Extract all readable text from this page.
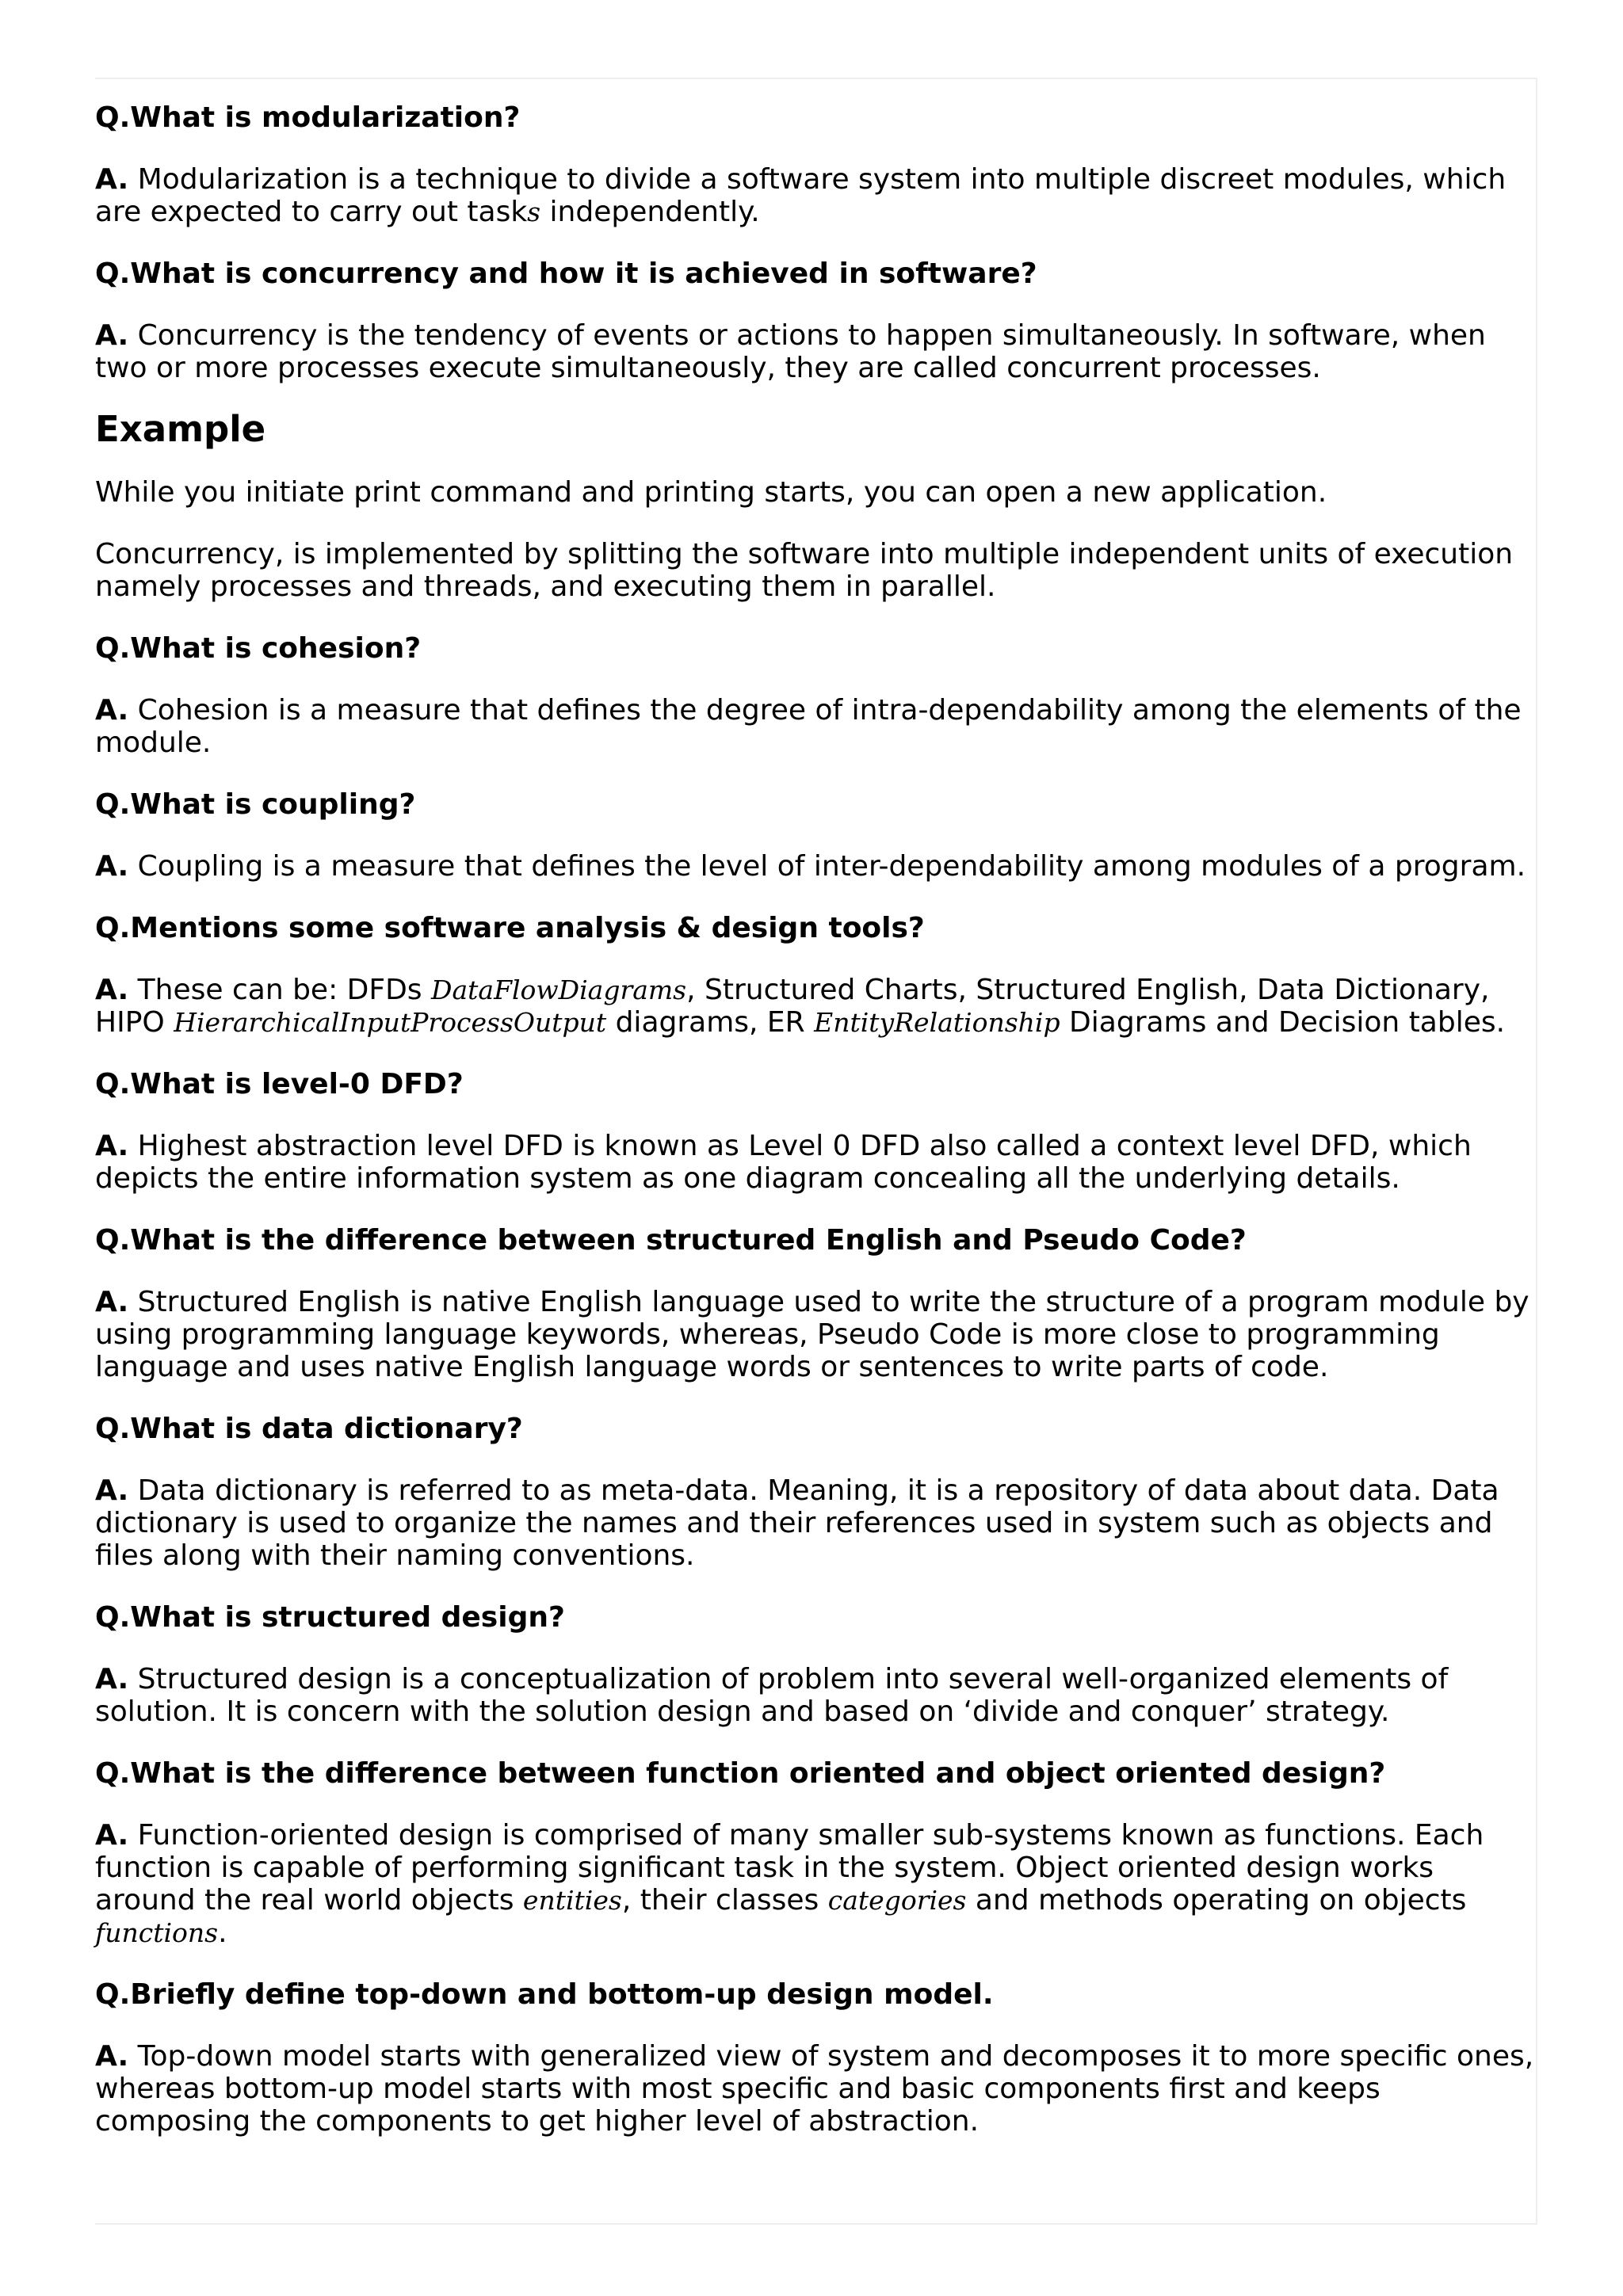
Q.What is modularization?
A. Modularization is a technique to divide a software system into multiple discreet modules, which are expected to carry out tasks independently.
Q.What is concurrency and how it is achieved in software?
A. Concurrency is the tendency of events or actions to happen simultaneously. In software, when two or more processes execute simultaneously, they are called concurrent processes.
Example
While you initiate print command and printing starts, you can open a new application.
Concurrency, is implemented by splitting the software into multiple independent units of execution namely processes and threads, and executing them in parallel.
Q.What is cohesion?
A. Cohesion is a measure that defines the degree of intra-dependability among the elements of the module.
Q.What is coupling?
A. Coupling is a measure that defines the level of inter-dependability among modules of a program.
Q.Mentions some software analysis & design tools?
A. These can be: DFDs DataFlowDiagrams, Structured Charts, Structured English, Data Dictionary, HIPO HierarchicalInputProcessOutput diagrams, ER EntityRelationship Diagrams and Decision tables.
Q.What is level-0 DFD?
A. Highest abstraction level DFD is known as Level 0 DFD also called a context level DFD, which depicts the entire information system as one diagram concealing all the underlying details.
Q.What is the difference between structured English and Pseudo Code?
A. Structured English is native English language used to write the structure of a program module by using programming language keywords, whereas, Pseudo Code is more close to programming language and uses native English language words or sentences to write parts of code.
Q.What is data dictionary?
A. Data dictionary is referred to as meta-data. Meaning, it is a repository of data about data. Data dictionary is used to organize the names and their references used in system such as objects and files along with their naming conventions.
Q.What is structured design?
A. Structured design is a conceptualization of problem into several well-organized elements of solution. It is concern with the solution design and based on ‘divide and conquer’ strategy.
Q.What is the difference between function oriented and object oriented design?
A. Function-oriented design is comprised of many smaller sub-systems known as functions. Each function is capable of performing significant task in the system. Object oriented design works around the real world objects entities, their classes categories and methods operating on objects functions.
Q.Briefly define top-down and bottom-up design model.
A. Top-down model starts with generalized view of system and decomposes it to more specific ones, whereas bottom-up model starts with most specific and basic components first and keeps composing the components to get higher level of abstraction.
